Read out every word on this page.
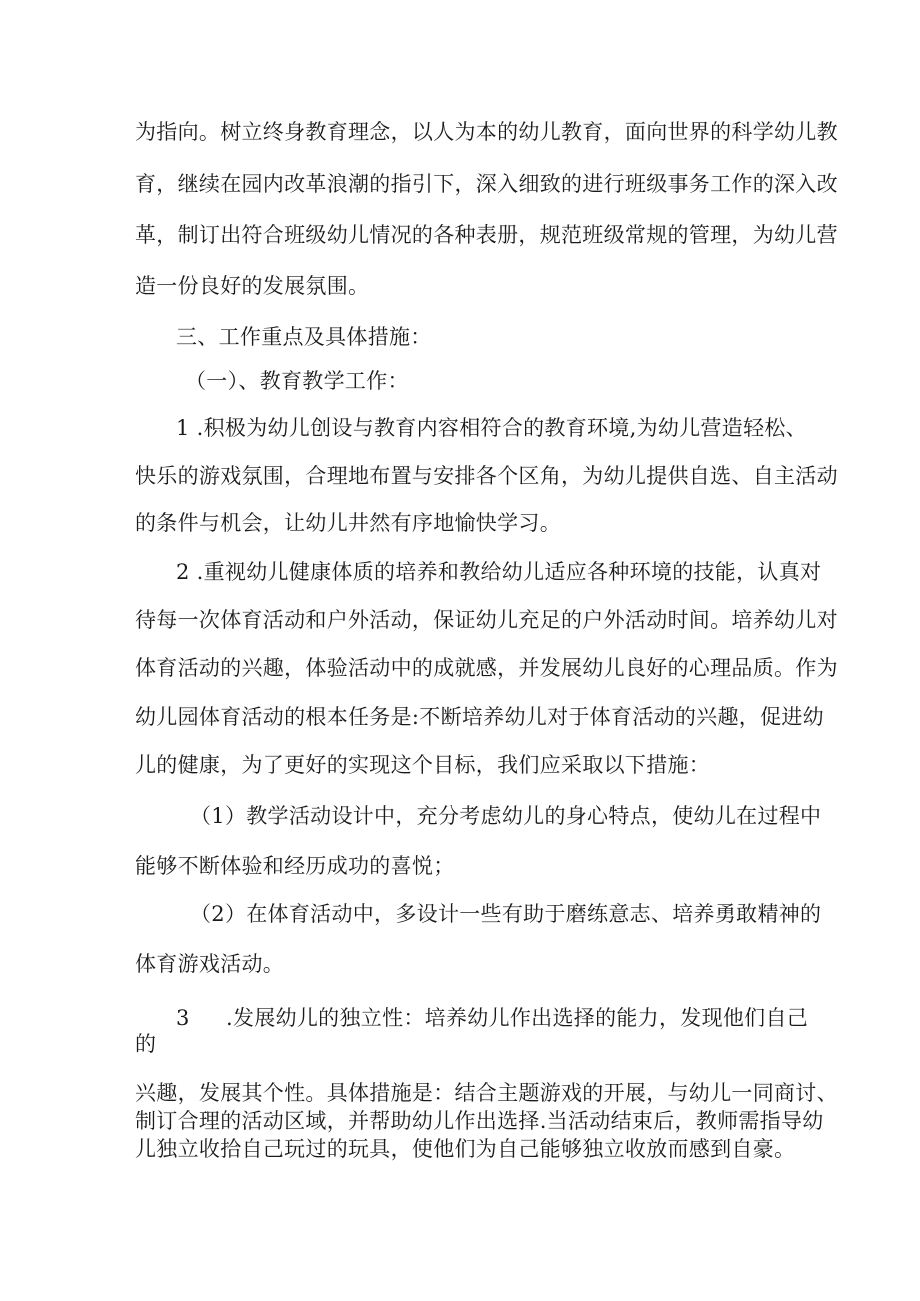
为指向。树立终身教育理念，以人为本的幼儿教育，面向世界的科学幼儿教
育，继续在园内改革浪潮的指引下，深入细致的进行班级事务工作的深入改
革，制订出符合班级幼儿情况的各种表册，规范班级常规的管理，为幼儿营
造一份良好的发展氛围。
三、工作重点及具体措施：
（一）、教育教学工作：
1 .积极为幼儿创设与教育内容相符合的教育环境,为幼儿营造轻松、
快乐的游戏氛围，合理地布置与安排各个区角，为幼儿提供自选、自主活动
的条件与机会，让幼儿井然有序地愉快学习。
2 .重视幼儿健康体质的培养和教给幼儿适应各种环境的技能，认真对
待每一次体育活动和户外活动，保证幼儿充足的户外活动时间。培养幼儿对
体育活动的兴趣，体验活动中的成就感，并发展幼儿良好的心理品质。作为
幼儿园体育活动的根本任务是:不断培养幼儿对于体育活动的兴趣，促进幼
儿的健康，为了更好的实现这个目标，我们应采取以下措施：
（1）教学活动设计中，充分考虑幼儿的身心特点，使幼儿在过程中
能够不断体验和经历成功的喜悦；
（2）在体育活动中，多设计一些有助于磨练意志、培养勇敢精神的
体育游戏活动。
3 .发展幼儿的独立性：培养幼儿作出选择的能力，发现他们自己
的
兴趣，发展其个性。具体措施是：结合主题游戏的开展，与幼儿一同商讨、
制订合理的活动区域，并帮助幼儿作出选择.当活动结束后，教师需指导幼
儿独立收拾自己玩过的玩具，使他们为自己能够独立收放而感到自豪。
